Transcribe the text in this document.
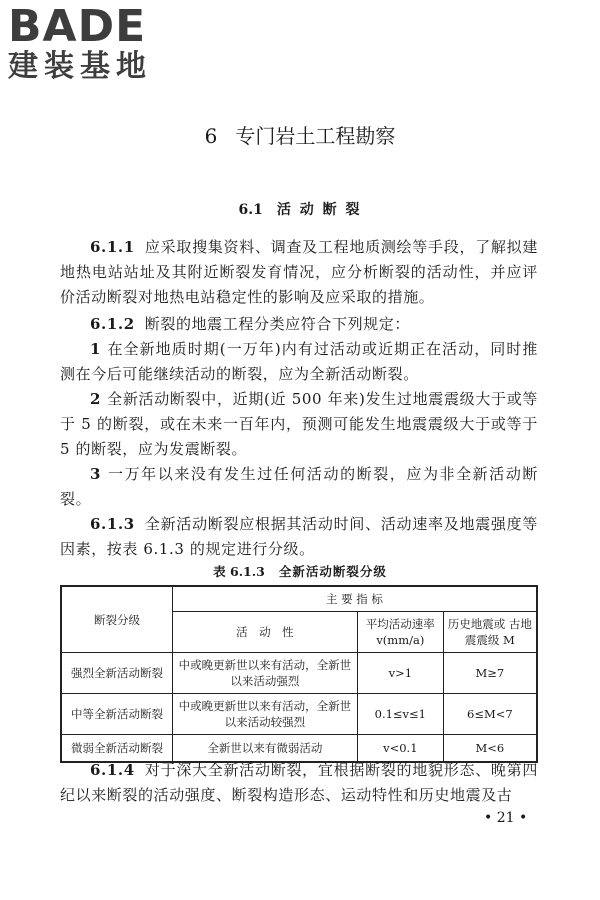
BADE
建装基地
6 专门岩土工程勘察
6.1 活 动 断 裂

6.1.1 应采取搜集资料、调查及工程地质测绘等手段，了解拟建地热电站站址及其附近断裂发育情况，应分析断裂的活动性，并应评价活动断裂对地热电站稳定性的影响及应采取的措施。

6.1.2 断裂的地震工程分类应符合下列规定：

1 在全新地质时期(一万年)内有过活动或近期正在活动，同时推测在今后可能继续活动的断裂，应为全新活动断裂。

2 全新活动断裂中，近期(近 500 年来)发生过地震震级大于或等于 5 的断裂，或在未来一百年内，预测可能发生地震震级大于或等于 5 的断裂，应为发震断裂。

3 一万年以来没有发生过任何活动的断裂，应为非全新活动断裂。

6.1.3 全新活动断裂应根据其活动时间、活动速率及地震强度等因素，按表 6.1.3 的规定进行分级。

表 6.1.3 全新活动断裂分级
断裂分级	主 要 指 标		
	活　动　性	平均活动速率 v(mm/a)	历史地震或 古地震震级 M
强烈全新活动断裂	中或晚更新世以来有活动，全新世以来活动强烈	v>1	M≥7
中等全新活动断裂	中或晚更新世以来有活动，全新世以来活动较强烈	0.1≤v≤1	6≤M<7
微弱全新活动断裂	全新世以来有微弱活动	v<0.1	M<6

6.1.4 对于深大全新活动断裂，宜根据断裂的地貌形态、晚第四纪以来断裂的活动强度、断裂构造形态、运动特性和历史地震及古

• 21 •
